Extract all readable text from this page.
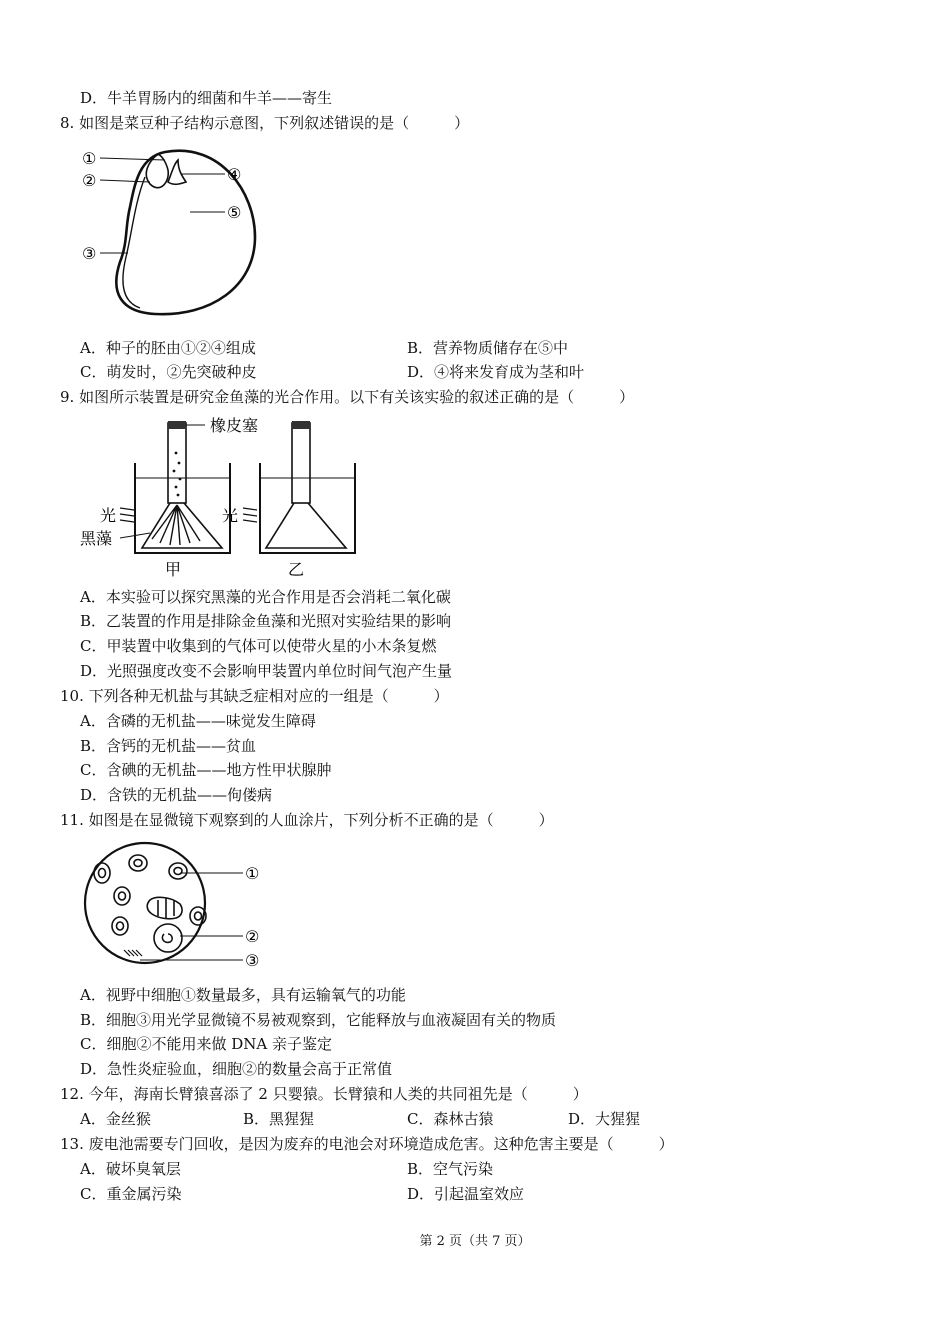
D．牛羊胃肠内的细菌和牛羊——寄生
8. 如图是菜豆种子结构示意图，下列叙述错误的是（　　　）
①
②
③
④
⑤
A．种子的胚由①②④组成	B．营养物质储存在⑤中
C．萌发时，②先突破种皮	D．④将来发育成为茎和叶
9. 如图所示装置是研究金鱼藻的光合作用。以下有关该实验的叙述正确的是（　　　）
橡皮塞
光
黑藻
甲
光
乙
A．本实验可以探究黑藻的光合作用是否会消耗二氧化碳
B．乙装置的作用是排除金鱼藻和光照对实验结果的影响
C．甲装置中收集到的气体可以使带火星的小木条复燃
D．光照强度改变不会影响甲装置内单位时间气泡产生量
10. 下列各种无机盐与其缺乏症相对应的一组是（　　　）
A．含磷的无机盐——味觉发生障碍
B．含钙的无机盐——贫血
C．含碘的无机盐——地方性甲状腺肿
D．含铁的无机盐——佝偻病
11. 如图是在显微镜下观察到的人血涂片，下列分析不正确的是（　　　）
①
②
③
A．视野中细胞①数量最多，具有运输氧气的功能
B．细胞③用光学显微镜不易被观察到，它能释放与血液凝固有关的物质
C．细胞②不能用来做 DNA 亲子鉴定
D．急性炎症验血，细胞②的数量会高于正常值
12. 今年，海南长臂猿喜添了 2 只婴猿。长臂猿和人类的共同祖先是（　　　）
A．金丝猴	B．黑猩猩	C．森林古猿	D．大猩猩
13. 废电池需要专门回收，是因为废弃的电池会对环境造成危害。这种危害主要是（　　　）
A．破坏臭氧层	B．空气污染
C．重金属污染	D．引起温室效应
第 2 页（共 7 页）
